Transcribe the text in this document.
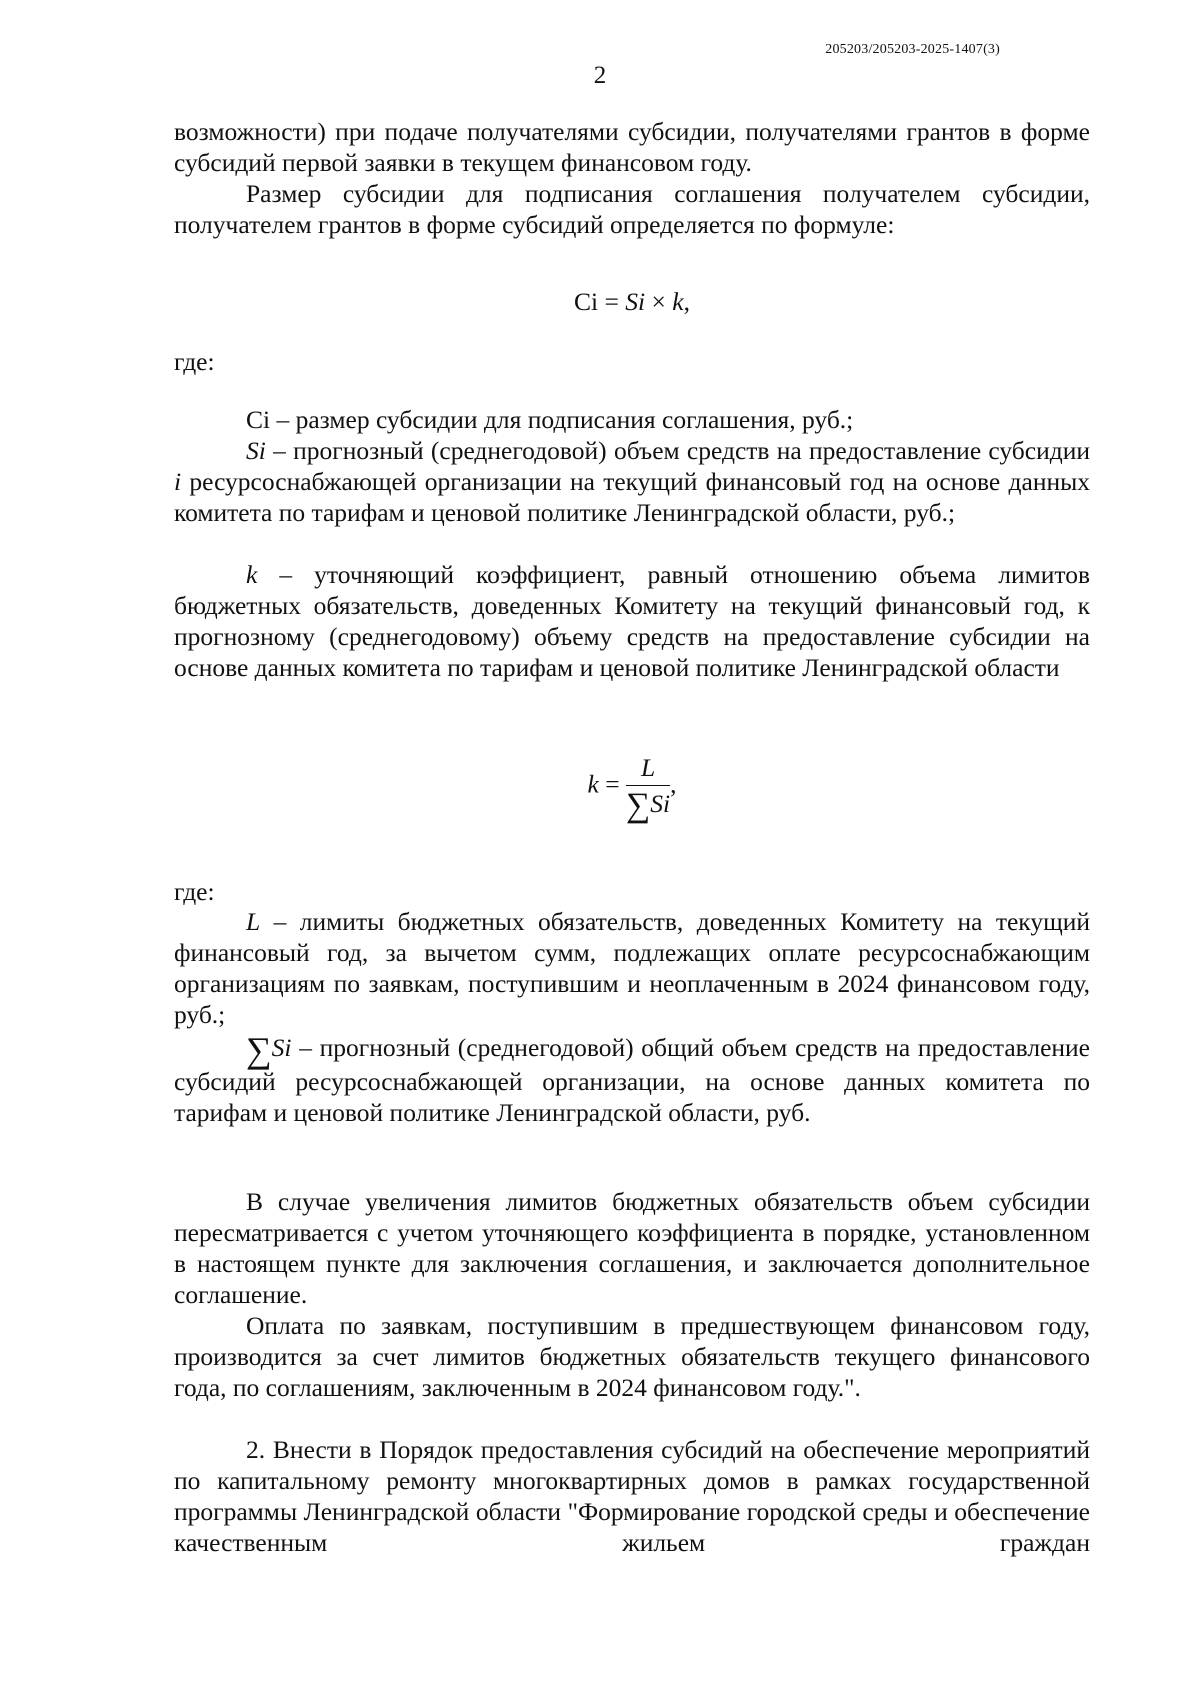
205203/205203-2025-1407(3)
2

возможности) при подаче получателями субсидии, получателями грантов в форме субсидий первой заявки в текущем финансовом году.

Размер субсидии для подписания соглашения получателем субсидии, получателем грантов в форме субсидий определяется по формуле:

Ci = Si × k,

где:

Ci – размер субсидии для подписания соглашения, руб.;

Si – прогнозный (среднегодовой) объем средств на предоставление субсидии i ресурсоснабжающей организации на текущий финансовый год на основе данных комитета по тарифам и ценовой политике Ленинградской области, руб.;

k – уточняющий коэффициент, равный отношению объема лимитов бюджетных обязательств, доведенных Комитету на текущий финансовый год, к прогнозному (среднегодовому) объему средств на предоставление субсидии на основе данных комитета по тарифам и ценовой политике Ленинградской области

$k = \frac{L}{\sum Si}$ ,

где:

L – лимиты бюджетных обязательств, доведенных Комитету на текущий финансовый год, за вычетом сумм, подлежащих оплате ресурсоснабжающим организациям по заявкам, поступившим и неоплаченным в 2024 финансовом году, руб.;

∑Si – прогнозный (среднегодовой) общий объем средств на предоставление субсидий ресурсоснабжающей организации, на основе данных комитета по тарифам и ценовой политике Ленинградской области, руб.

В случае увеличения лимитов бюджетных обязательств объем субсидии пересматривается с учетом уточняющего коэффициента в порядке, установленном в настоящем пункте для заключения соглашения, и заключается дополнительное соглашение.

Оплата по заявкам, поступившим в предшествующем финансовом году, производится за счет лимитов бюджетных обязательств текущего финансового года, по соглашениям, заключенным в 2024 финансовом году.".

2. Внести в Порядок предоставления субсидий на обеспечение мероприятий по капитальному ремонту многоквартирных домов в рамках государственной программы Ленинградской области "Формирование городской среды и обеспечение качественным жильем граждан
